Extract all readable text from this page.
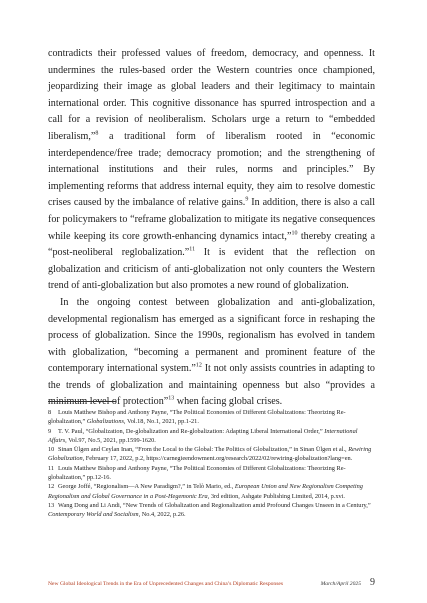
contradicts their professed values of freedom, democracy, and openness. It undermines the rules-based order the Western countries once championed, jeopardizing their image as global leaders and their legitimacy to maintain international order. This cognitive dissonance has spurred introspection and a call for a revision of neoliberalism. Scholars urge a return to “embedded liberalism,”$^8$ a traditional form of liberalism rooted in “economic interdependence/free trade; democracy promotion; and the strengthening of international institutions and their rules, norms and principles.” By implementing reforms that address internal equity, they aim to resolve domestic crises caused by the imbalance of relative gains.$^9$ In addition, there is also a call for policymakers to “reframe globalization to mitigate its negative consequences while keeping its core growth-enhancing dynamics intact,”$^{10}$ thereby creating a “post-neoliberal reglobalization.”$^{11}$ It is evident that the reflection on globalization and criticism of anti-globalization not only counters the Western trend of anti-globalization but also promotes a new round of globalization.

In the ongoing contest between globalization and anti-globalization, developmental regionalism has emerged as a significant force in reshaping the process of globalization. Since the 1990s, regionalism has evolved in tandem with globalization, “becoming a permanent and prominent feature of the contemporary international system.”$^{12}$ It not only assists countries in adapting to the trends of globalization and maintaining openness but also “provides a minimum level of protection”$^{13}$ when facing global crises.

8 Louis Matthew Bishop and Anthony Payne, “The Political Economies of Different Globalizations: Theorizing Re-globalization,” Globalizations, Vol.18, No.1, 2021, pp.1-21.

9 T. V. Paul, “Globalization, De-globalization and Re-globalization: Adapting Liberal International Order,” International Affairs, Vol.97, No.5, 2021, pp.1599-1620.

10 Sinan Ülgen and Ceylan Inan, “From the Local to the Global: The Politics of Globalization,” in Sinan Ülgen et al., Rewiring Globalization, February 17, 2022, p.2, https://carnegieendowment.org/research/2022/02/rewiring-globalization?lang=en.

11 Louis Matthew Bishop and Anthony Payne, “The Political Economies of Different Globalizations: Theorizing Re-globalization,” pp.12-16.

12 George Joffé, “Regionalism—A New Paradigm?,” in Telò Mario, ed., European Union and New Regionalism Competing Regionalism and Global Governance in a Post-Hegemonic Era, 3rd edition, Ashgate Publishing Limited, 2014, p.xvi.

13 Wang Dong and Li Andi, “New Trends of Globalization and Regionalization amid Profound Changes Unseen in a Century,” Contemporary World and Socialism, No.4, 2022, p.26.

New Global Ideological Trends in the Era of Unprecedented Changes and China’s Diplomatic Responses	March/April 2025 9
